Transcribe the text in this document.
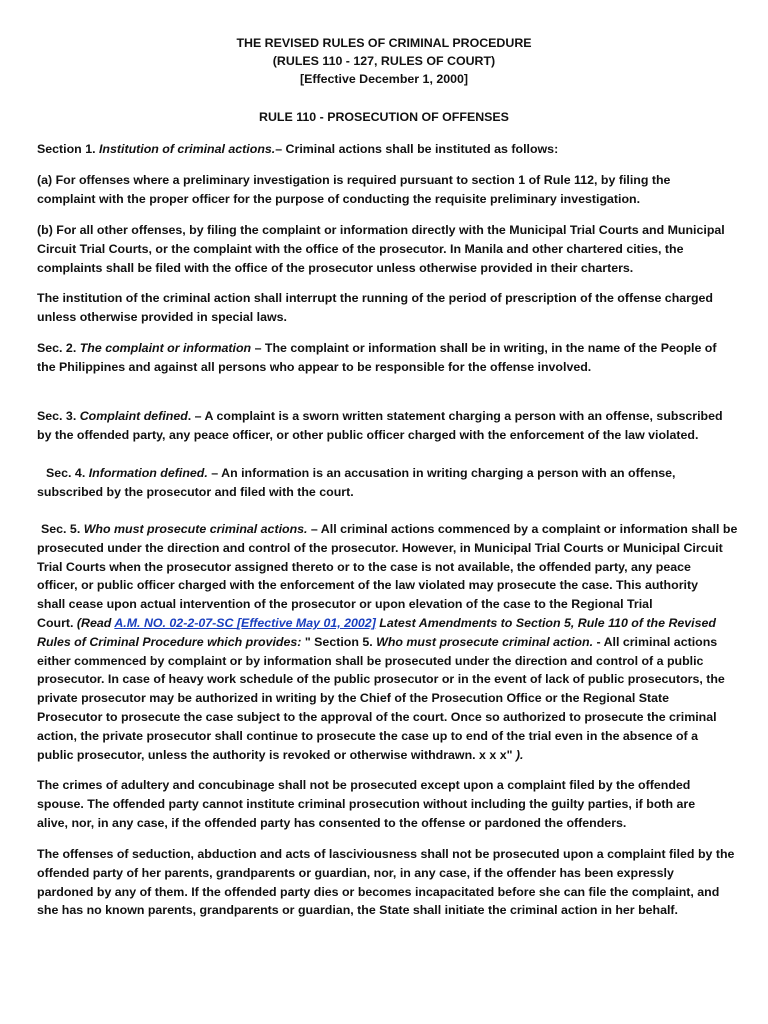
THE REVISED RULES OF CRIMINAL PROCEDURE
(RULES 110 - 127, RULES OF COURT)
[Effective December 1, 2000]
RULE 110 - PROSECUTION OF OFFENSES
Section 1. Institution of criminal actions.– Criminal actions shall be instituted as follows:
(a) For offenses where a preliminary investigation is required pursuant to section 1 of Rule 112, by filing the
complaint with the proper officer for the purpose of conducting the requisite preliminary investigation.
(b) For all other offenses, by filing the complaint or information directly with the Municipal Trial Courts and Municipal
Circuit Trial Courts, or the complaint with the office of the prosecutor. In Manila and other chartered cities, the
complaints shall be filed with the office of the prosecutor unless otherwise provided in their charters.
The institution of the criminal action shall interrupt the running of the period of prescription of the offense charged
unless otherwise provided in special laws.
Sec. 2. The complaint or information – The complaint or information shall be in writing, in the name of the People of
the Philippines and against all persons who appear to be responsible for the offense involved.
Sec. 3. Complaint defined. – A complaint is a sworn written statement charging a person with an offense, subscribed
by the offended party, any peace officer, or other public officer charged with the enforcement of the law violated.
Sec. 4. Information defined. – An information is an accusation in writing charging a person with an offense,
subscribed by the prosecutor and filed with the court.
Sec. 5. Who must prosecute criminal actions. – All criminal actions commenced by a complaint or information shall be
prosecuted under the direction and control of the prosecutor. However, in Municipal Trial Courts or Municipal Circuit
Trial Courts when the prosecutor assigned thereto or to the case is not available, the offended party, any peace
officer, or public officer charged with the enforcement of the law violated may prosecute the case. This authority
shall cease upon actual intervention of the prosecutor or upon elevation of the case to the Regional Trial
Court. (Read A.M. NO. 02-2-07-SC [Effective May 01, 2002] Latest Amendments to Section 5, Rule 110 of the Revised
Rules of Criminal Procedure which provides: " Section 5. Who must prosecute criminal action. - All criminal actions
either commenced by complaint or by information shall be prosecuted under the direction and control of a public
prosecutor. In case of heavy work schedule of the public prosecutor or in the event of lack of public prosecutors, the
private prosecutor may be authorized in writing by the Chief of the Prosecution Office or the Regional State
Prosecutor to prosecute the case subject to the approval of the court. Once so authorized to prosecute the criminal
action, the private prosecutor shall continue to prosecute the case up to end of the trial even in the absence of a
public prosecutor, unless the authority is revoked or otherwise withdrawn. x x x" ).
The crimes of adultery and concubinage shall not be prosecuted except upon a complaint filed by the offended
spouse. The offended party cannot institute criminal prosecution without including the guilty parties, if both are
alive, nor, in any case, if the offended party has consented to the offense or pardoned the offenders.
The offenses of seduction, abduction and acts of lasciviousness shall not be prosecuted upon a complaint filed by the
offended party of her parents, grandparents or guardian, nor, in any case, if the offender has been expressly
pardoned by any of them. If the offended party dies or becomes incapacitated before she can file the complaint, and
she has no known parents, grandparents or guardian, the State shall initiate the criminal action in her behalf.
